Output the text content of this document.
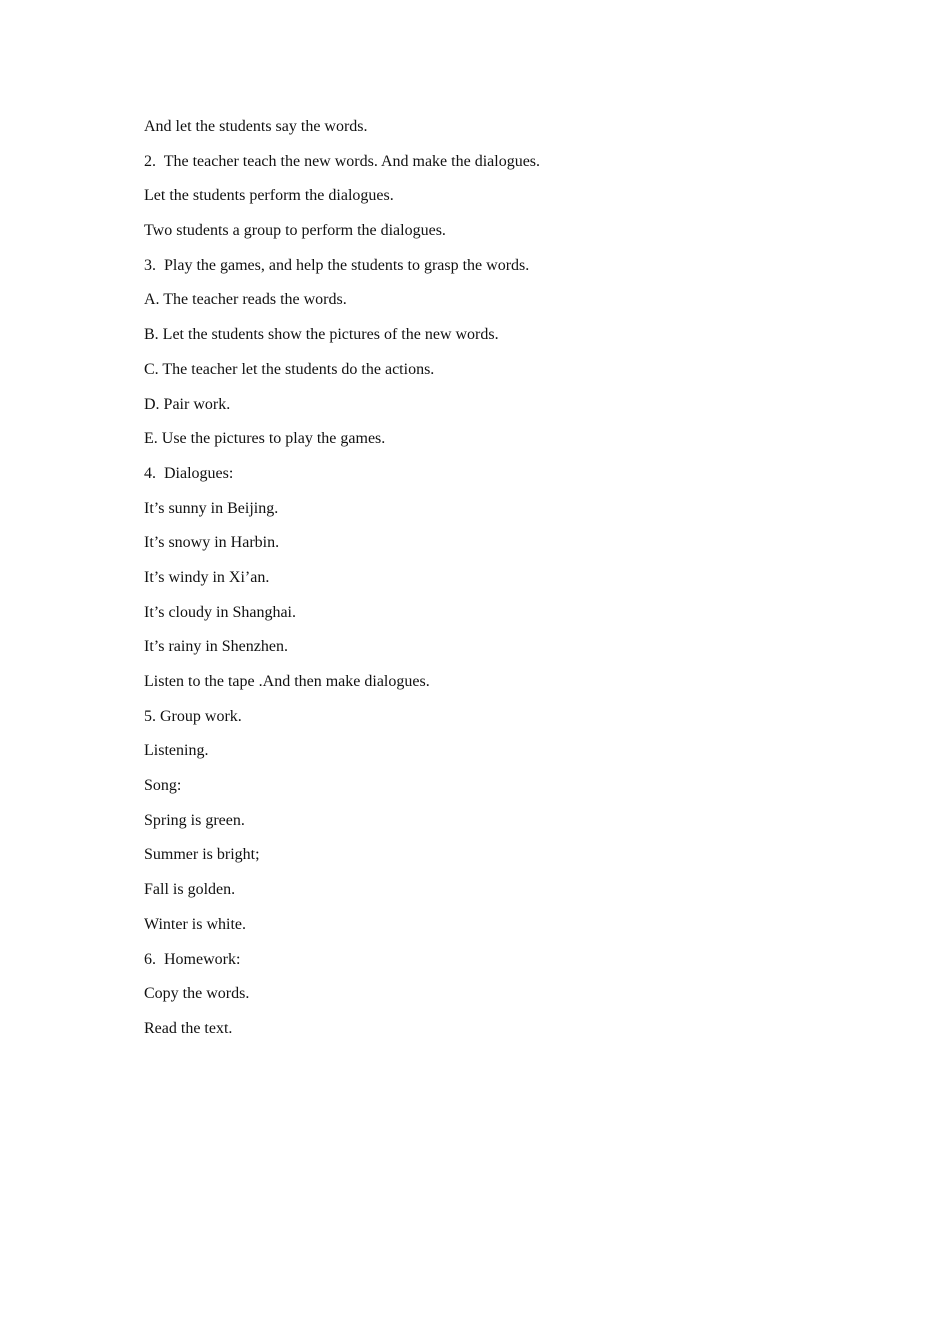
And let the students say the words.
2.  The teacher teach the new words. And make the dialogues.
Let the students perform the dialogues.
Two students a group to perform the dialogues.
3.  Play the games, and help the students to grasp the words.
A. The teacher reads the words.
B. Let the students show the pictures of the new words.
C. The teacher let the students do the actions.
D. Pair work.
E. Use the pictures to play the games.
4.  Dialogues:
It’s sunny in Beijing.
It’s snowy in Harbin.
It’s windy in Xi’an.
It’s cloudy in Shanghai.
It’s rainy in Shenzhen.
Listen to the tape .And then make dialogues.
5. Group work.
Listening.
Song:
Spring is green.
Summer is bright;
Fall is golden.
Winter is white.
6.  Homework:
Copy the words.
Read the text.
